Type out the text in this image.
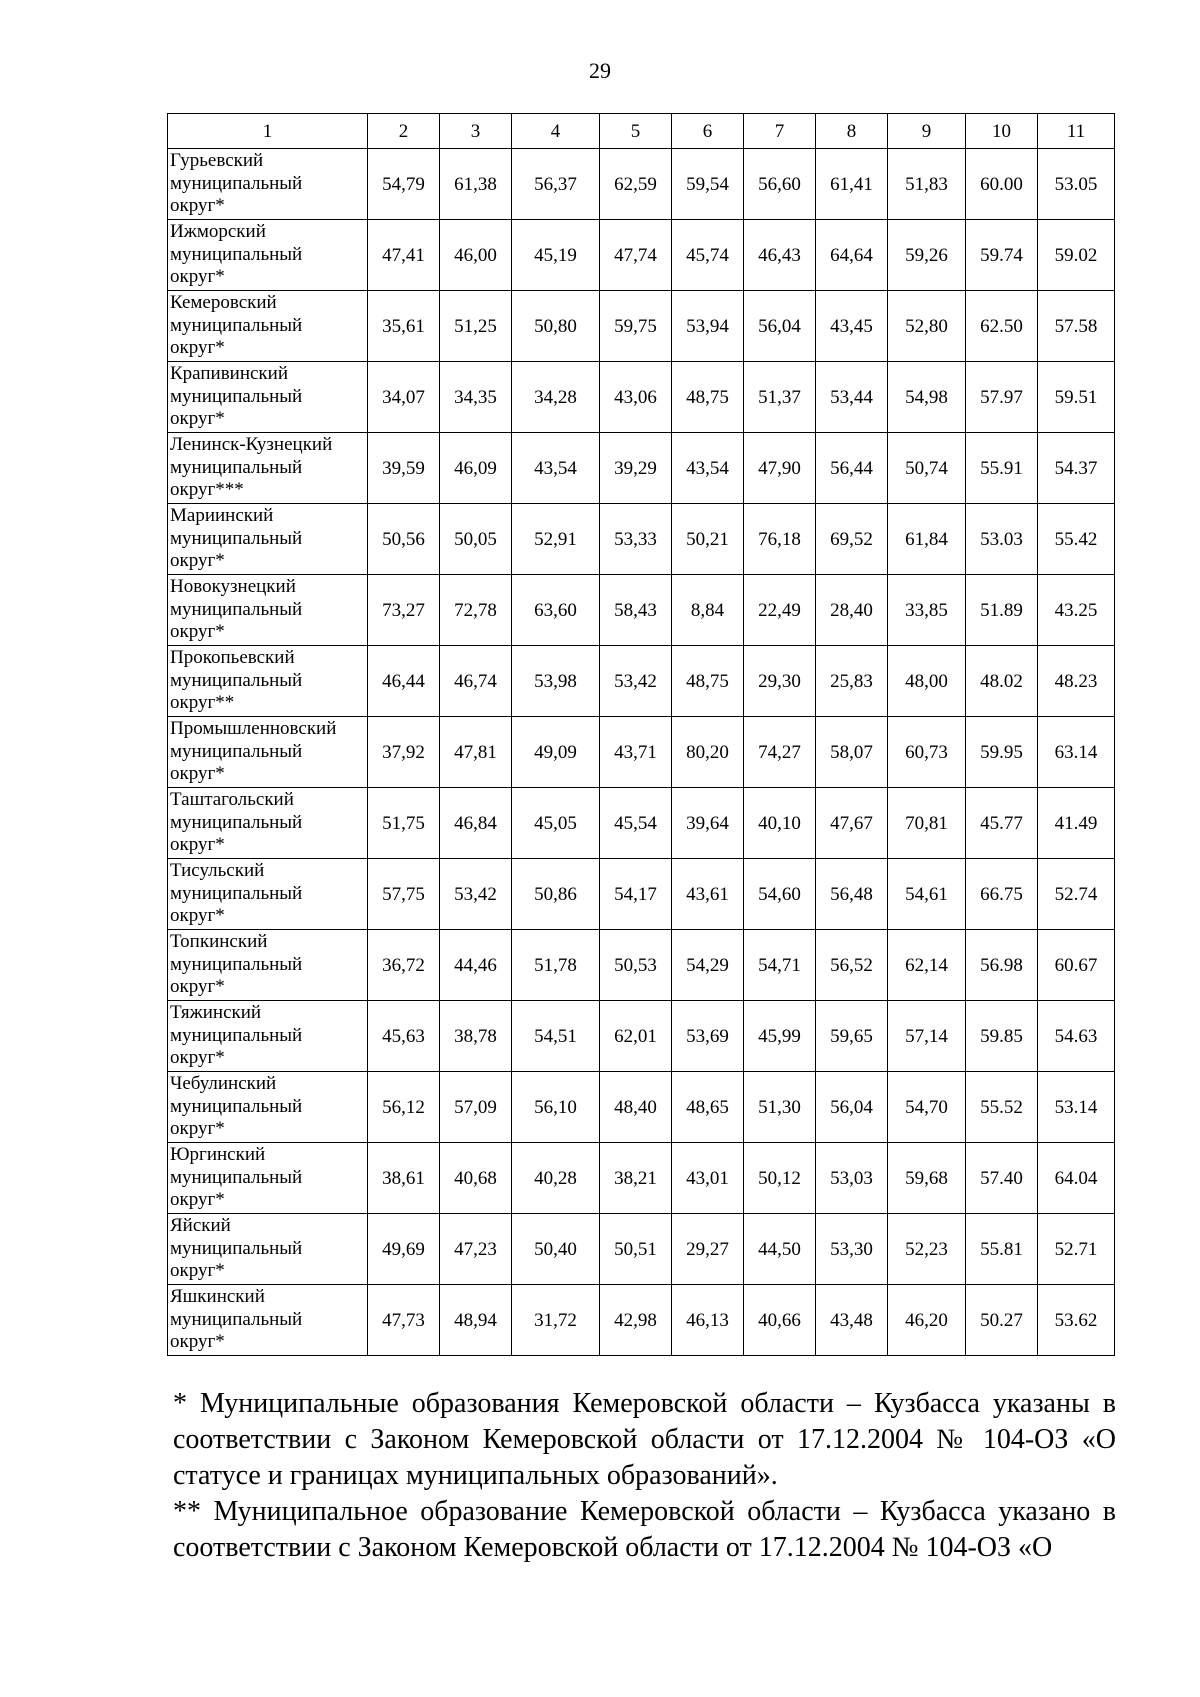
29
1	2	3	4	5	6	7	8	9	10	11
Гурьевский
муниципальный
округ*	54,79	61,38	56,37	62,59	59,54	56,60	61,41	51,83	60.00	53.05
Ижморский
муниципальный
округ*	47,41	46,00	45,19	47,74	45,74	46,43	64,64	59,26	59.74	59.02
Кемеровский
муниципальный
округ*	35,61	51,25	50,80	59,75	53,94	56,04	43,45	52,80	62.50	57.58
Крапивинский
муниципальный
округ*	34,07	34,35	34,28	43,06	48,75	51,37	53,44	54,98	57.97	59.51
Ленинск-Кузнецкий
муниципальный
округ***	39,59	46,09	43,54	39,29	43,54	47,90	56,44	50,74	55.91	54.37
Мариинский
муниципальный
округ*	50,56	50,05	52,91	53,33	50,21	76,18	69,52	61,84	53.03	55.42
Новокузнецкий
муниципальный
округ*	73,27	72,78	63,60	58,43	8,84	22,49	28,40	33,85	51.89	43.25
Прокопьевский
муниципальный
округ**	46,44	46,74	53,98	53,42	48,75	29,30	25,83	48,00	48.02	48.23
Промышленновский
муниципальный
округ*	37,92	47,81	49,09	43,71	80,20	74,27	58,07	60,73	59.95	63.14
Таштагольский
муниципальный
округ*	51,75	46,84	45,05	45,54	39,64	40,10	47,67	70,81	45.77	41.49
Тисульский
муниципальный
округ*	57,75	53,42	50,86	54,17	43,61	54,60	56,48	54,61	66.75	52.74
Топкинский
муниципальный
округ*	36,72	44,46	51,78	50,53	54,29	54,71	56,52	62,14	56.98	60.67
Тяжинский
муниципальный
округ*	45,63	38,78	54,51	62,01	53,69	45,99	59,65	57,14	59.85	54.63
Чебулинский
муниципальный
округ*	56,12	57,09	56,10	48,40	48,65	51,30	56,04	54,70	55.52	53.14
Юргинский
муниципальный
округ*	38,61	40,68	40,28	38,21	43,01	50,12	53,03	59,68	57.40	64.04
Яйский
муниципальный
округ*	49,69	47,23	50,40	50,51	29,27	44,50	53,30	52,23	55.81	52.71
Яшкинский
муниципальный
округ*	47,73	48,94	31,72	42,98	46,13	40,66	43,48	46,20	50.27	53.62

* Муниципальные образования Кемеровской области – Кузбасса указаны в соответствии с Законом Кемеровской области от 17.12.2004 № 104-ОЗ «О статусе и границах муниципальных образований».

** Муниципальное образование Кемеровской области – Кузбасса указано в соответствии с Законом Кемеровской области от 17.12.2004 № 104-ОЗ «О
